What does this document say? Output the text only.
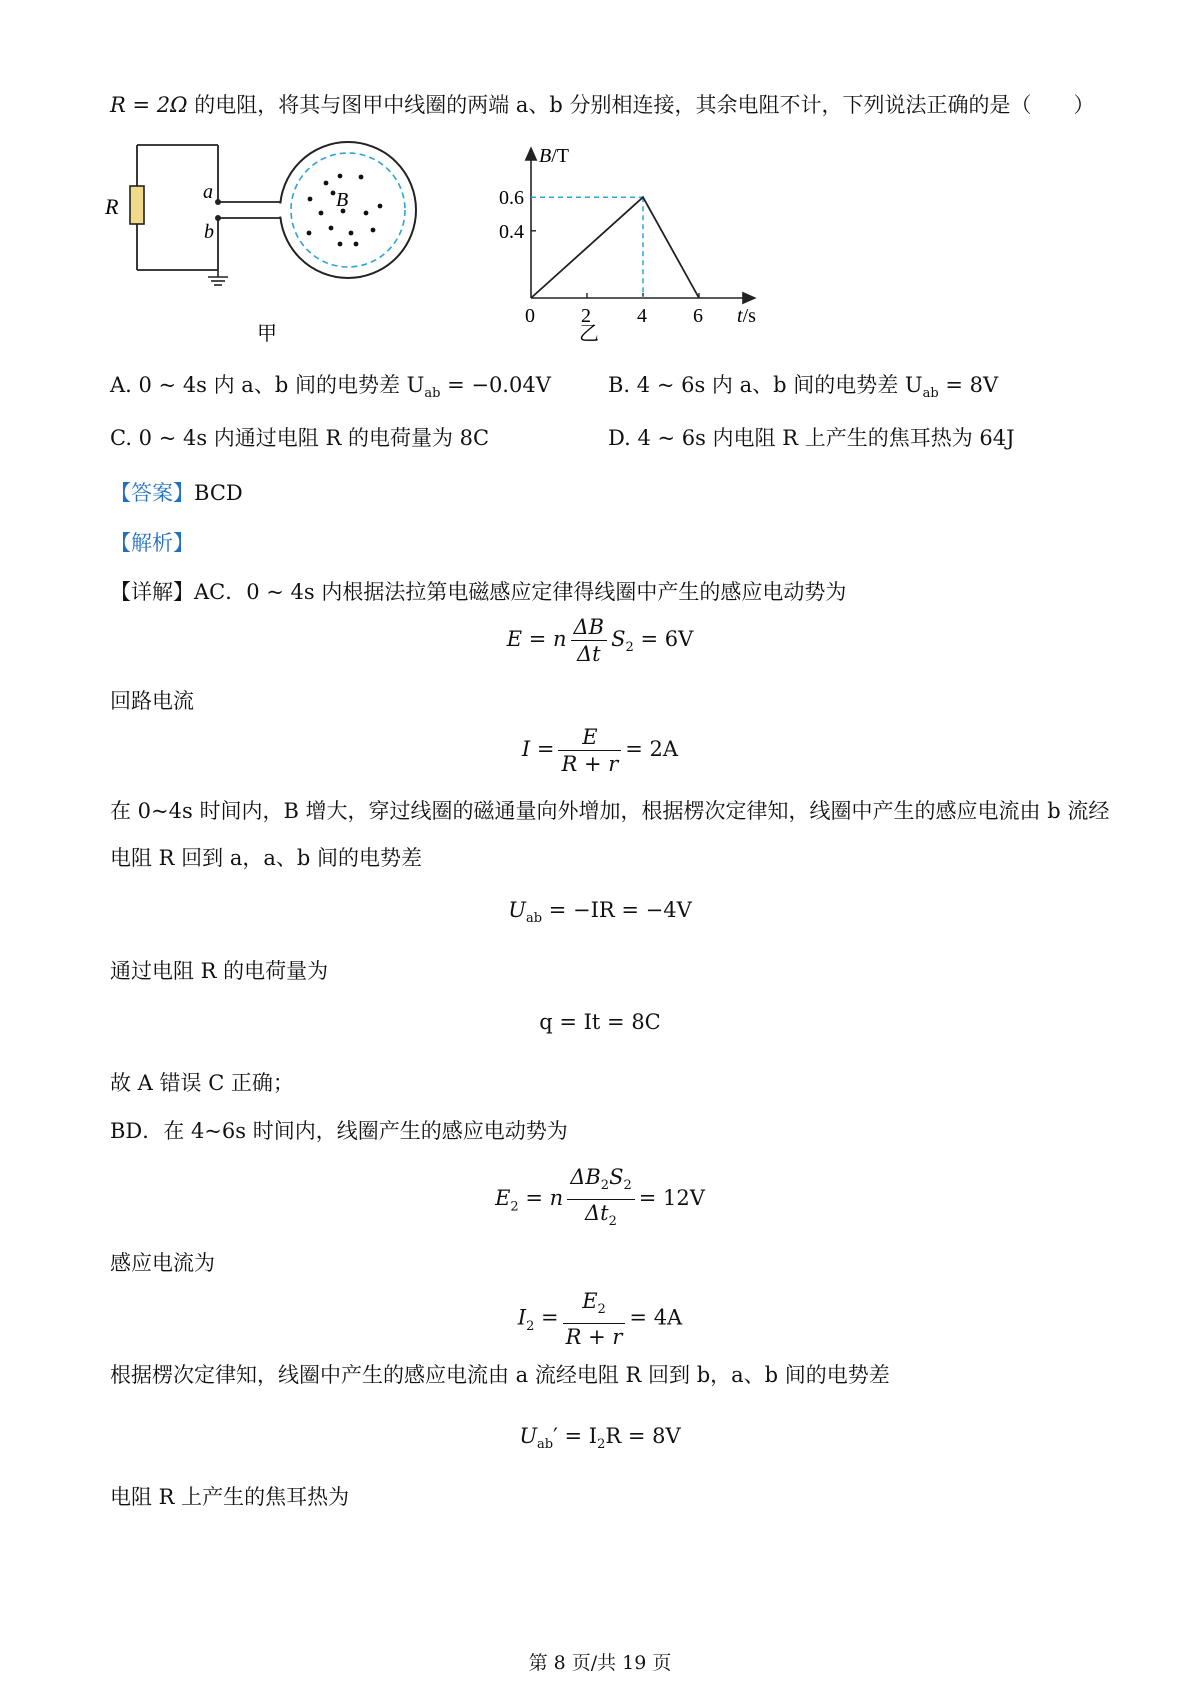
R = 2Ω 的电阻，将其与图甲中线圈的两端 a、b 分别相连接，其余电阻不计，下列说法正确的是（　　）
R
a
b
B
甲
0 2 4 6
0.4
0.6
B/T
t/s
乙
A. 0 ~ 4s 内 a、b 间的电势差 $U_{ab} = -0.04V$	B. 4 ~ 6s 内 a、b 间的电势差 $U_{ab} = 8V$
C. 0 ~ 4s 内通过电阻 R 的电荷量为 8C	D. 4 ~ 6s 内电阻 R 上产生的焦耳热为 64J
【答案】BCD
【解析】
【详解】AC．0 ~ 4s 内根据法拉第电磁感应定律得线圈中产生的感应电动势为
E = n $\frac{\Delta B}{\Delta t} S_2 = 6V$
回路电流
$I = \frac{E}{R + r} = 2A$
在 0~4s 时间内，B 增大，穿过线圈的磁通量向外增加，根据楞次定律知，线圈中产生的感应电流由 b 流经
电阻 R 回到 a，a、b 间的电势差
$U_{ab} = -IR = -4V$
通过电阻 R 的电荷量为
q = It = 8C
故 A 错误 C 正确；
BD．在 4~6s 时间内，线圈产生的感应电动势为
$E_2 = n \frac{\Delta B_2S_2}{\Delta t_2} = 12V$
感应电流为
$I_2 = \frac{E_2}{R + r} = 4A$
根据楞次定律知，线圈中产生的感应电流由 a 流经电阻 R 回到 b，a、b 间的电势差
$U_{ab}' = I_2R = 8V$
电阻 R 上产生的焦耳热为
第 8 页/共 19 页
